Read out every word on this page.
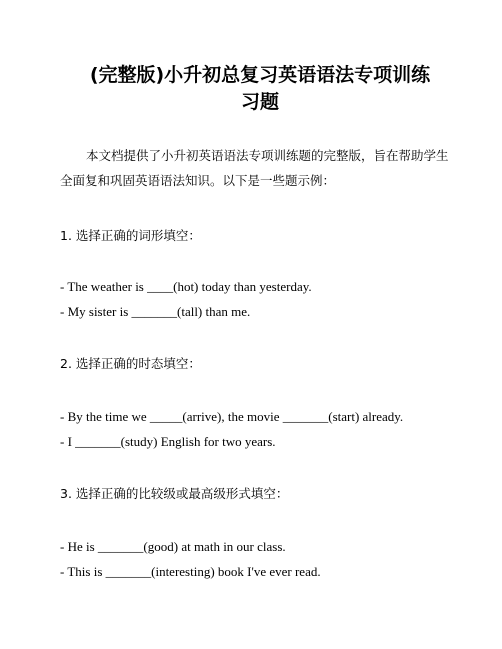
(完整版)小升初总复习英语语法专项训练
习题
本文档提供了小升初英语语法专项训练题的完整版，旨在帮助学生全面复和巩固英语语法知识。以下是一些题示例：
1. 选择正确的词形填空：
- The weather is ____(hot) today than yesterday.
- My sister is _______(tall) than me.
2. 选择正确的时态填空：
- By the time we _____(arrive), the movie _______(start) already.
- I _______(study) English for two years.
3. 选择正确的比较级或最高级形式填空：
- He is _______(good) at math in our class.
- This is _______(interesting) book I've ever read.
